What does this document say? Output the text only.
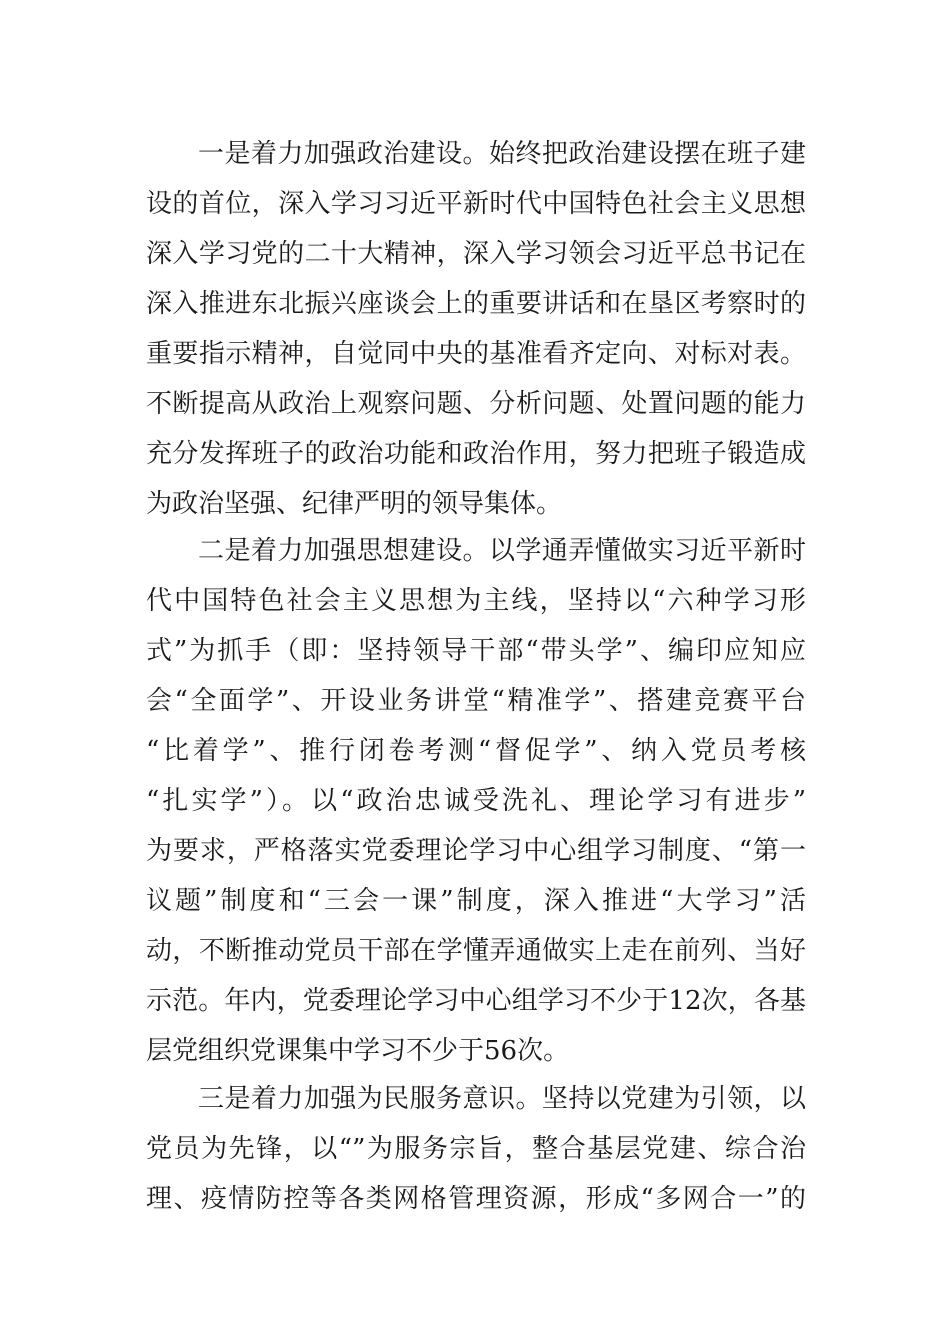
一是着力加强政治建设。始终把政治建设摆在班子建
设的首位，深入学习习近平新时代中国特色社会主义思想
深入学习党的二十大精神，深入学习领会习近平总书记在
深入推进东北振兴座谈会上的重要讲话和在垦区考察时的
重要指示精神，自觉同中央的基准看齐定向、对标对表。
不断提高从政治上观察问题、分析问题、处置问题的能力
充分发挥班子的政治功能和政治作用，努力把班子锻造成
为政治坚强、纪律严明的领导集体。
二是着力加强思想建设。以学通弄懂做实习近平新时
代中国特色社会主义思想为主线，坚持以“六种学习形
式”为抓手（即：坚持领导干部“带头学”、编印应知应
会“全面学”、开设业务讲堂“精准学”、搭建竞赛平台
“比着学”、推行闭卷考测“督促学”、纳入党员考核
“扎实学”）。以“政治忠诚受洗礼、理论学习有进步”
为要求，严格落实党委理论学习中心组学习制度、“第一
议题”制度和“三会一课”制度，深入推进“大学习”活
动，不断推动党员干部在学懂弄通做实上走在前列、当好
示范。年内，党委理论学习中心组学习不少于12次，各基
层党组织党课集中学习不少于56次。
三是着力加强为民服务意识。坚持以党建为引领，以
党员为先锋，以“”为服务宗旨，整合基层党建、综合治
理、疫情防控等各类网格管理资源，形成“多网合一”的
